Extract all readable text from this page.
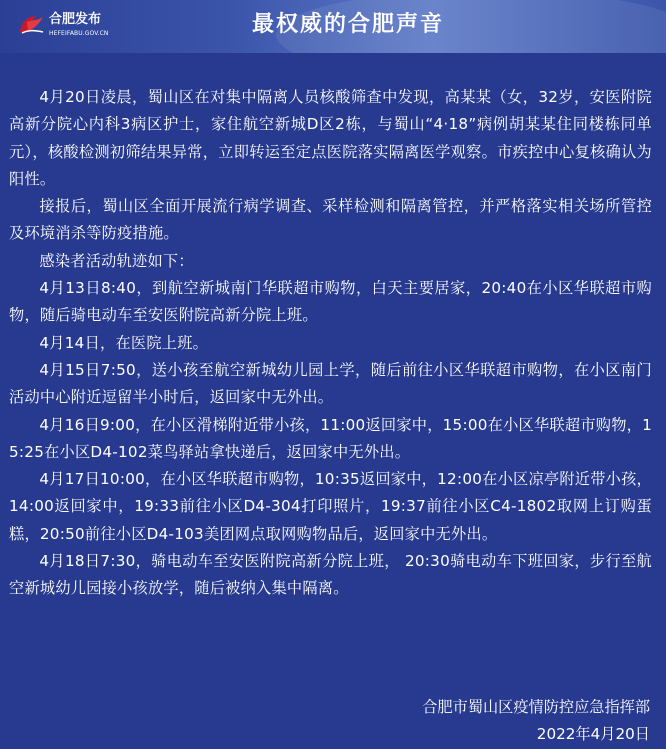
合肥发布
HEFEIFABU.GOV.CN	最权威的合肥声音

4月20日凌晨，蜀山区在对集中隔离人员核酸筛查中发现，高某某（女，32岁，安医附院高新分院心内科3病区护士，家住航空新城D区2栋，与蜀山“4·18”病例胡某某住同楼栋同单元），核酸检测初筛结果异常，立即转运至定点医院落实隔离医学观察。市疾控中心复核确认为阳性。

接报后，蜀山区全面开展流行病学调查、采样检测和隔离管控，并严格落实相关场所管控及环境消杀等防疫措施。

感染者活动轨迹如下：

4月13日8:40，到航空新城南门华联超市购物，白天主要居家，20:40在小区华联超市购物，随后骑电动车至安医附院高新分院上班。

4月14日，在医院上班。

4月15日7:50，送小孩至航空新城幼儿园上学，随后前往小区华联超市购物，在小区南门活动中心附近逗留半小时后，返回家中无外出。

4月16日9:00，在小区滑梯附近带小孩，11:00返回家中，15:00在小区华联超市购物，15:25在小区D4-102菜鸟驿站拿快递后，返回家中无外出。

4月17日10:00，在小区华联超市购物，10:35返回家中，12:00在小区凉亭附近带小孩，14:00返回家中，19:33前往小区D4-304打印照片，19:37前往小区C4-1802取网上订购蛋糕，20:50前往小区D4-103美团网点取网购物品后，返回家中无外出。

4月18日7:30，骑电动车至安医附院高新分院上班， 20:30骑电动车下班回家，步行至航空新城幼儿园接小孩放学，随后被纳入集中隔离。

合肥市蜀山区疫情防控应急指挥部
2022年4月20日
